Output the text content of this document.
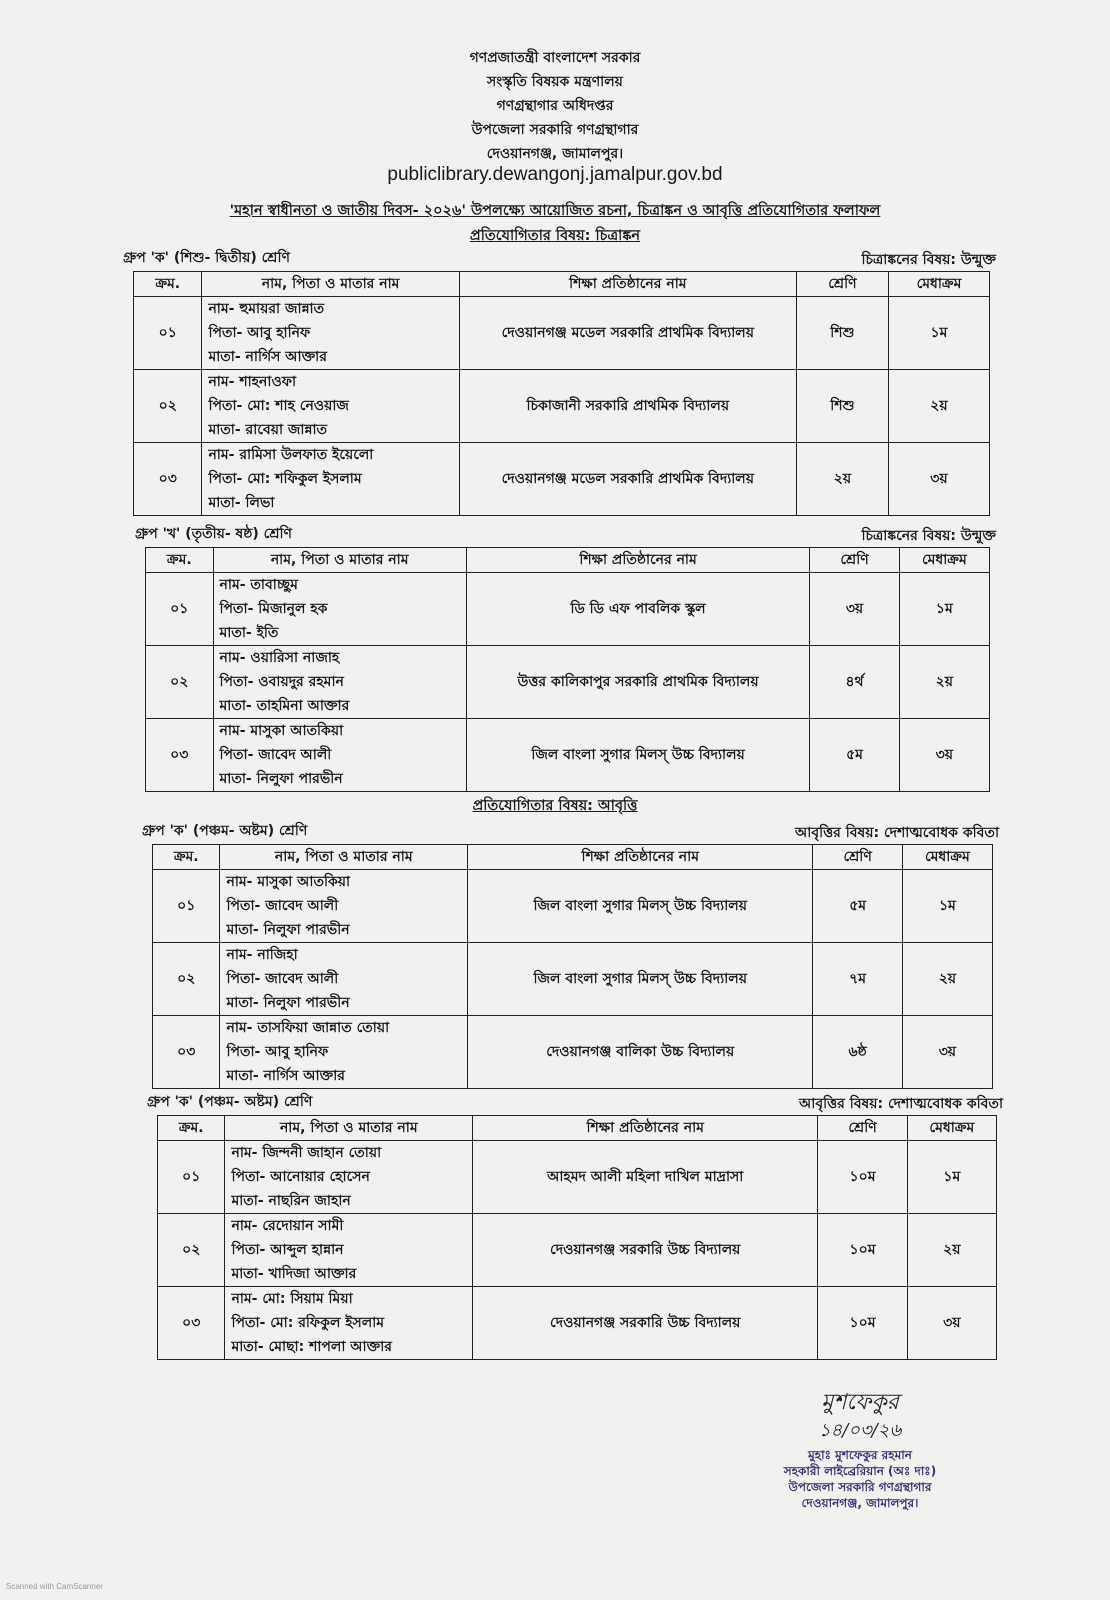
গণপ্রজাতন্ত্রী বাংলাদেশ সরকার
সংস্কৃতি বিষয়ক মন্ত্রণালয়
গণগ্রন্থাগার অধিদপ্তর
উপজেলা সরকারি গণগ্রন্থাগার
দেওয়ানগঞ্জ, জামালপুর।
publiclibrary.dewangonj.jamalpur.gov.bd
'মহান স্বাধীনতা ও জাতীয় দিবস- ২০২৬' উপলক্ষ্যে আয়োজিত রচনা, চিত্রাঙ্কন ও আবৃত্তি প্রতিযোগিতার ফলাফল
প্রতিযোগিতার বিষয়: চিত্রাঙ্কন
প্রতিযোগিতার বিষয়: আবৃত্তি
গ্রুপ 'ক' (শিশু- দ্বিতীয়) শ্রেণি	চিত্রাঙ্কনের বিষয়: উন্মুক্ত
ক্রম.	নাম, পিতা ও মাতার নাম	শিক্ষা প্রতিষ্ঠানের নাম	শ্রেণি	মেধাক্রম
০১	নাম- হুমায়রা জান্নাত
পিতা- আবু হানিফ
মাতা- নার্গিস আক্তার	দেওয়ানগঞ্জ মডেল সরকারি প্রাথমিক বিদ্যালয়	শিশু	১ম
০২	নাম- শাহনাওফা
পিতা- মো: শাহ নেওয়াজ
মাতা- রাবেয়া জান্নাত	চিকাজানী সরকারি প্রাথমিক বিদ্যালয়	শিশু	২য়
০৩	নাম- রামিসা উলফাত ইয়েলো
পিতা- মো: শফিকুল ইসলাম
মাতা- লিভা	দেওয়ানগঞ্জ মডেল সরকারি প্রাথমিক বিদ্যালয়	২য়	৩য়
গ্রুপ 'খ' (তৃতীয়- ষষ্ঠ) শ্রেণি	চিত্রাঙ্কনের বিষয়: উন্মুক্ত
ক্রম.	নাম, পিতা ও মাতার নাম	শিক্ষা প্রতিষ্ঠানের নাম	শ্রেণি	মেধাক্রম
০১	নাম- তাবাচ্ছুম
পিতা- মিজানুল হক
মাতা- ইতি	ডি ডি এফ পাবলিক স্কুল	৩য়	১ম
০২	নাম- ওয়ারিসা নাজাহ
পিতা- ওবায়দুর রহমান
মাতা- তাহমিনা আক্তার	উত্তর কালিকাপুর সরকারি প্রাথমিক বিদ্যালয়	৪র্থ	২য়
০৩	নাম- মাসুকা আতকিয়া
পিতা- জাবেদ আলী
মাতা- নিলুফা পারভীন	জিল বাংলা সুগার মিলস্ উচ্চ বিদ্যালয়	৫ম	৩য়
গ্রুপ 'ক' (পঞ্চম- অষ্টম) শ্রেণি	আবৃত্তির বিষয়: দেশাত্মবোধক কবিতা
ক্রম.	নাম, পিতা ও মাতার নাম	শিক্ষা প্রতিষ্ঠানের নাম	শ্রেণি	মেধাক্রম
০১	নাম- মাসুকা আতকিয়া
পিতা- জাবেদ আলী
মাতা- নিলুফা পারভীন	জিল বাংলা সুগার মিলস্ উচ্চ বিদ্যালয়	৫ম	১ম
০২	নাম- নাজিহা
পিতা- জাবেদ আলী
মাতা- নিলুফা পারভীন	জিল বাংলা সুগার মিলস্ উচ্চ বিদ্যালয়	৭ম	২য়
০৩	নাম- তাসফিয়া জান্নাত তোয়া
পিতা- আবু হানিফ
মাতা- নার্গিস আক্তার	দেওয়ানগঞ্জ বালিকা উচ্চ বিদ্যালয়	৬ষ্ঠ	৩য়
গ্রুপ 'ক' (পঞ্চম- অষ্টম) শ্রেণি	আবৃত্তির বিষয়: দেশাত্মবোধক কবিতা
ক্রম.	নাম, পিতা ও মাতার নাম	শিক্ষা প্রতিষ্ঠানের নাম	শ্রেণি	মেধাক্রম
০১	নাম- জিন্দনী জাহান তোয়া
পিতা- আনোয়ার হোসেন
মাতা- নাছরিন জাহান	আহমদ আলী মহিলা দাখিল মাদ্রাসা	১০ম	১ম
০২	নাম- রেদোয়ান সামী
পিতা- আব্দুল হান্নান
মাতা- খাদিজা আক্তার	দেওয়ানগঞ্জ সরকারি উচ্চ বিদ্যালয়	১০ম	২য়
০৩	নাম- মো: সিয়াম মিয়া
পিতা- মো: রফিকুল ইসলাম
মাতা- মোছা: শাপলা আক্তার	দেওয়ানগঞ্জ সরকারি উচ্চ বিদ্যালয়	১০ম	৩য়
মুশফেকুর
১৪/০৩/২৬
মুহাঃ মুশফেকুর রহমান
সহকারী লাইব্রেরিয়ান (অঃ দাঃ)
উপজেলা সরকারি গণগ্রন্থাগার
দেওয়ানগঞ্জ, জামালপুর।
Scanned with CamScanner
